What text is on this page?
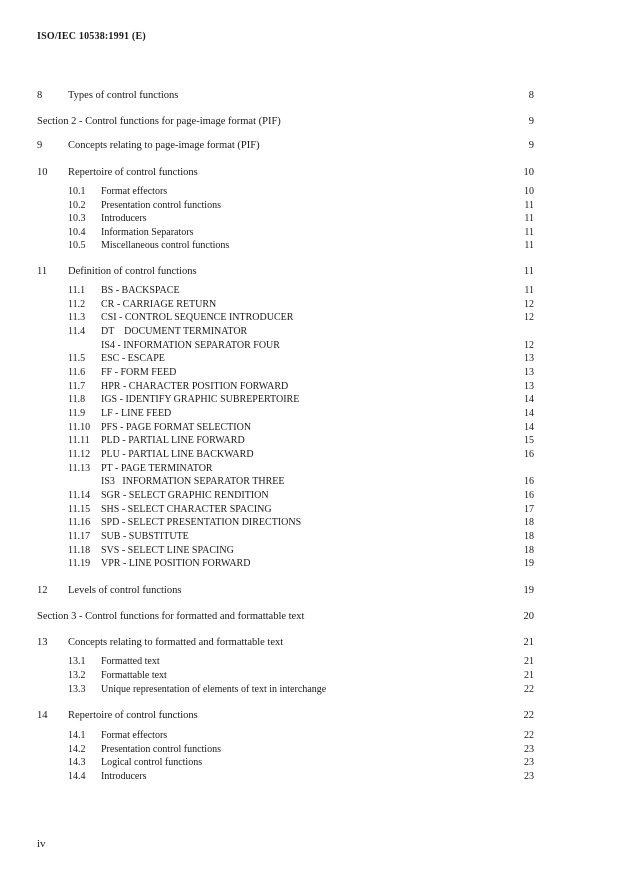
ISO/IEC 10538:1991 (E)
8 Types of control functions	8
Section 2 - Control functions for page-image format (PIF)	9
9 Concepts relating to page-image format (PIF)	9
10 Repertoire of control functions	10
10.1 Format effectors	10
10.2 Presentation control functions	11
10.3 Introducers	11
10.4 Information Separators	11
10.5 Miscellaneous control functions	11
11 Definition of control functions	11
11.1 BS - BACKSPACE	11
11.2 CR - CARRIAGE RETURN	12
11.3 CSI - CONTROL SEQUENCE INTRODUCER	12
11.4 DT    DOCUMENT TERMINATOR
IS4 - INFORMATION SEPARATOR FOUR	12
11.5 ESC - ESCAPE	13
11.6 FF - FORM FEED	13
11.7 HPR - CHARACTER POSITION FORWARD	13
11.8 IGS - IDENTIFY GRAPHIC SUBREPERTOIRE	14
11.9 LF - LINE FEED	14
11.10 PFS - PAGE FORMAT SELECTION	14
11.11 PLD - PARTIAL LINE FORWARD	15
11.12 PLU - PARTIAL LINE BACKWARD	16
11.13 PT - PAGE TERMINATOR
IS3   INFORMATION SEPARATOR THREE	16
11.14 SGR - SELECT GRAPHIC RENDITION	16
11.15 SHS - SELECT CHARACTER SPACING	17
11.16 SPD - SELECT PRESENTATION DIRECTIONS	18
11.17 SUB - SUBSTITUTE	18
11.18 SVS - SELECT LINE SPACING	18
11.19 VPR - LINE POSITION FORWARD	19
12 Levels of control functions	19
Section 3 - Control functions for formatted and formattable text	20
13 Concepts relating to formatted and formattable text	21
13.1 Formatted text	21
13.2 Formattable text	21
13.3 Unique representation of elements of text in interchange	22
14 Repertoire of control functions	22
14.1 Format effectors	22
14.2 Presentation control functions	23
14.3 Logical control functions	23
14.4 Introducers	23
iv
